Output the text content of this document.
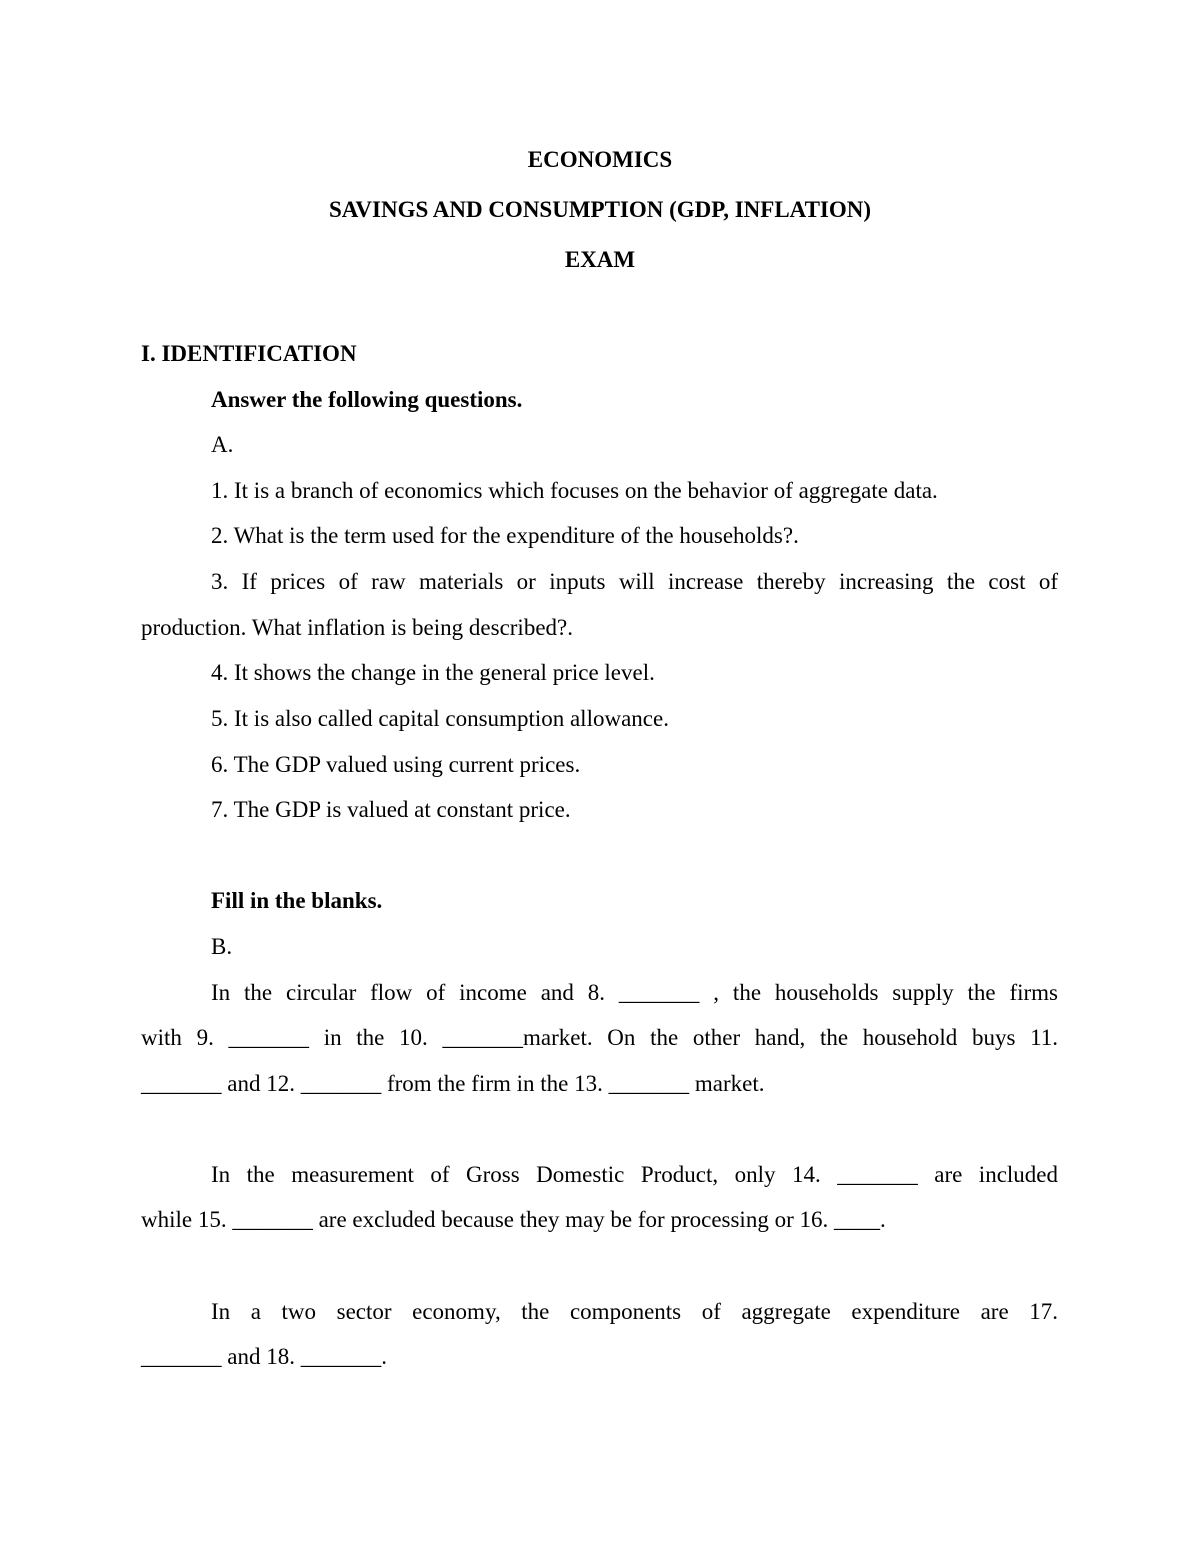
ECONOMICS
SAVINGS AND CONSUMPTION (GDP, INFLATION)
EXAM
I. IDENTIFICATION
Answer the following questions.
A.
1. It is a branch of economics which focuses on the behavior of aggregate data.
2. What is the term used for the expenditure of the households?.
3. If prices of raw materials or inputs will increase thereby increasing the cost of
production. What inflation is being described?.
4. It shows the change in the general price level.
5. It is also called capital consumption allowance.
6. The GDP valued using current prices.
7. The GDP is valued at constant price.
Fill in the blanks.
B.
In the circular flow of income and 8. _______ , the households supply the firms
with 9. _______ in the 10. _______market. On the other hand, the household buys 11.
_______ and 12. _______ from the firm in the 13. _______ market.
In the measurement of Gross Domestic Product, only 14. _______ are included
while 15. _______ are excluded because they may be for processing or 16. ____.
In a two sector economy, the components of aggregate expenditure are 17.
_______ and 18. _______.
